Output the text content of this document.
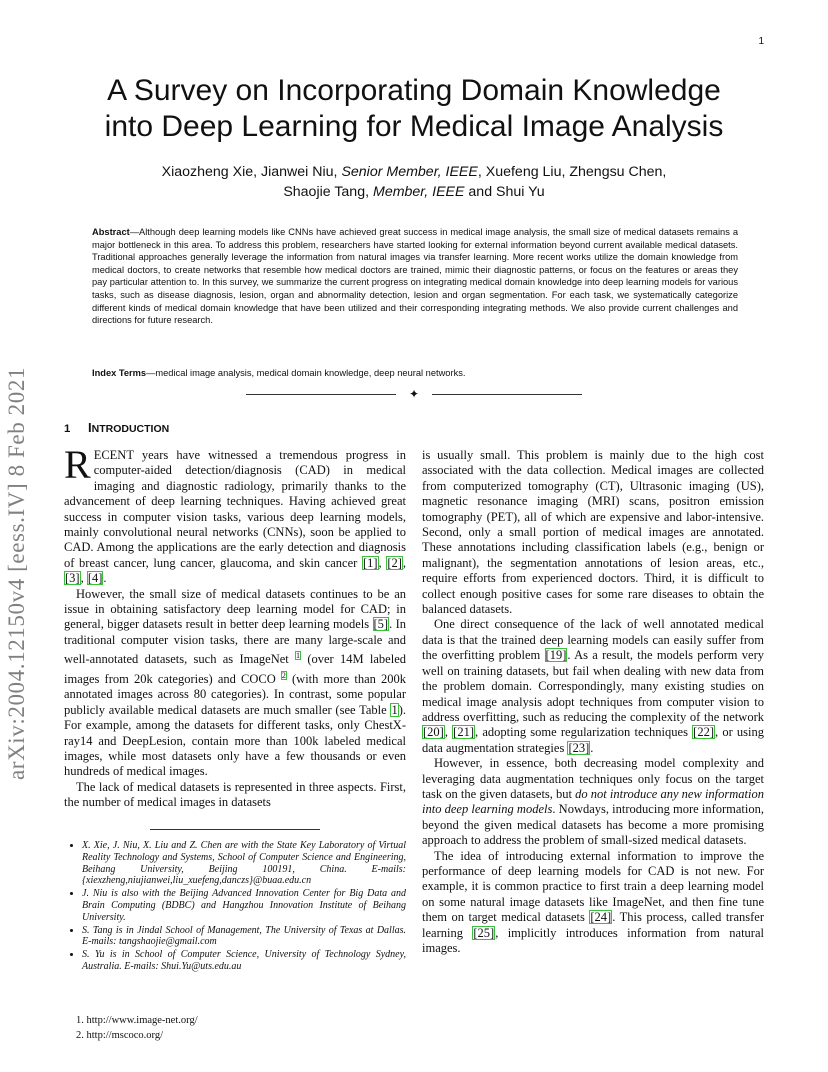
1
arXiv:2004.12150v4 [eess.IV] 8 Feb 2021
A Survey on Incorporating Domain Knowledge
into Deep Learning for Medical Image Analysis
Xiaozheng Xie, Jianwei Niu, Senior Member, IEEE, Xuefeng Liu, Zhengsu Chen,
Shaojie Tang, Member, IEEE and Shui Yu
Abstract—Although deep learning models like CNNs have achieved great success in medical image analysis, the small size of medical datasets remains a major bottleneck in this area. To address this problem, researchers have started looking for external information beyond current available medical datasets. Traditional approaches generally leverage the information from natural images via transfer learning. More recent works utilize the domain knowledge from medical doctors, to create networks that resemble how medical doctors are trained, mimic their diagnostic patterns, or focus on the features or areas they pay particular attention to. In this survey, we summarize the current progress on integrating medical domain knowledge into deep learning models for various tasks, such as disease diagnosis, lesion, organ and abnormality detection, lesion and organ segmentation. For each task, we systematically categorize different kinds of medical domain knowledge that have been utilized and their corresponding integrating methods. We also provide current challenges and directions for future research.
Index Terms—medical image analysis, medical domain knowledge, deep neural networks.
✦
1 INTRODUCTION

RECENT years have witnessed a tremendous progress in computer-aided detection/diagnosis (CAD) in medical imaging and diagnostic radiology, primarily thanks to the advancement of deep learning techniques. Having achieved great success in computer vision tasks, various deep learning models, mainly convolutional neural networks (CNNs), soon be applied to CAD. Among the applications are the early detection and diagnosis of breast cancer, lung cancer, glaucoma, and skin cancer [1], [2], [3], [4].

However, the small size of medical datasets continues to be an issue in obtaining satisfactory deep learning model for CAD; in general, bigger datasets result in better deep learning models [5]. In traditional computer vision tasks, there are many large-scale and well-annotated datasets, such as ImageNet $^1$ (over 14M labeled images from 20k categories) and COCO $^2$ (with more than 200k annotated images across 80 categories). In contrast, some popular publicly available medical datasets are much smaller (see Table 1). For example, among the datasets for different tasks, only ChestX-ray14 and DeepLesion, contain more than 100k labeled medical images, while most datasets only have a few thousands or even hundreds of medical images.

The lack of medical datasets is represented in three aspects. First, the number of medical images in datasets

is usually small. This problem is mainly due to the high cost associated with the data collection. Medical images are collected from computerized tomography (CT), Ultrasonic imaging (US), magnetic resonance imaging (MRI) scans, positron emission tomography (PET), all of which are expensive and labor-intensive. Second, only a small portion of medical images are annotated. These annotations including classification labels (e.g., benign or malignant), the segmentation annotations of lesion areas, etc., require efforts from experienced doctors. Third, it is difficult to collect enough positive cases for some rare diseases to obtain the balanced datasets.

One direct consequence of the lack of well annotated medical data is that the trained deep learning models can easily suffer from the overfitting problem [19]. As a result, the models perform very well on training datasets, but fail when dealing with new data from the problem domain. Correspondingly, many existing studies on medical image analysis adopt techniques from computer vision to address overfitting, such as reducing the complexity of the network [20], [21], adopting some regularization techniques [22], or using data augmentation strategies [23].

However, in essence, both decreasing model complexity and leveraging data augmentation techniques only focus on the target task on the given datasets, but do not introduce any new information into deep learning models. Nowdays, introducing more information, beyond the given medical datasets has become a more promising approach to address the problem of small-sized medical datasets.

The idea of introducing external information to improve the performance of deep learning models for CAD is not new. For example, it is common practice to first train a deep learning model on some natural image datasets like ImageNet, and then fine tune them on target medical datasets [24]. This process, called transfer learning [25], implicitly introduces information from natural images.

• X. Xie, J. Niu, X. Liu and Z. Chen are with the State Key Laboratory of Virtual Reality Technology and Systems, School of Computer Science and Engineering, Beihang University, Beijing 100191, China. E-mails: {xiexzheng,niujianwei,liu_xuefeng,danczs}@buaa.edu.cn
• J. Niu is also with the Beijing Advanced Innovation Center for Big Data and Brain Computing (BDBC) and Hangzhou Innovation Institute of Beihang University.
• S. Tang is in Jindal School of Management, The University of Texas at Dallas. E-mails: tangshaojie@gmail.com
• S. Yu is in School of Computer Science, University of Technology Sydney, Australia. E-mails: Shui.Yu@uts.edu.au
1. http://www.image-net.org/
2. http://mscoco.org/
